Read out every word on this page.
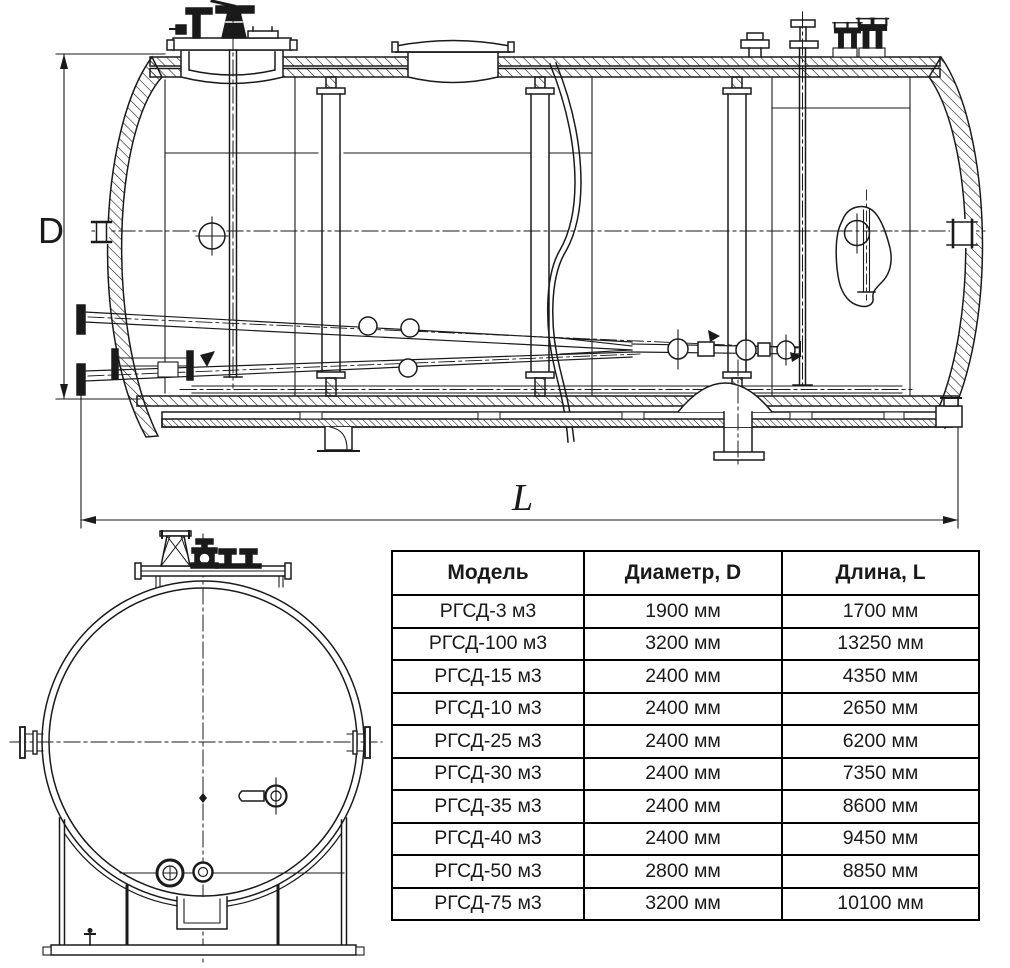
D
L
Модель	Диаметр, D	Длина, L
РГСД-3 м3	1900 мм	1700 мм
РГСД-100 м3	3200 мм	13250 мм
РГСД-15 м3	2400 мм	4350 мм
РГСД-10 м3	2400 мм	2650 мм
РГСД-25 м3	2400 мм	6200 мм
РГСД-30 м3	2400 мм	7350 мм
РГСД-35 м3	2400 мм	8600 мм
РГСД-40 м3	2400 мм	9450 мм
РГСД-50 м3	2800 мм	8850 мм
РГСД-75 м3	3200 мм	10100 мм
